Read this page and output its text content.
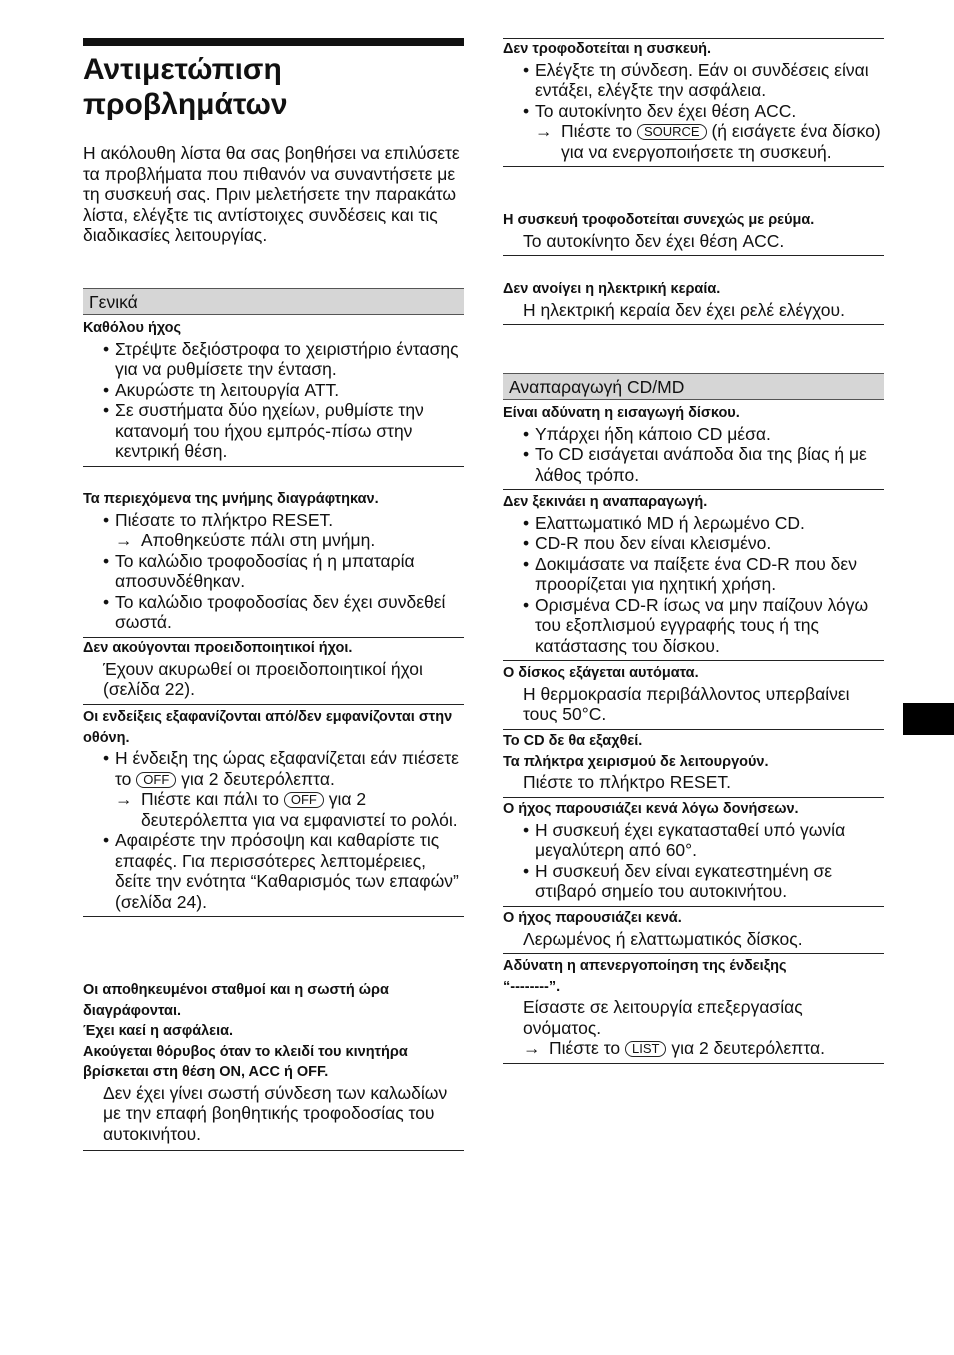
Αντιμετώπιση
προβλημάτων

Η ακόλουθη λίστα θα σας βοηθήσει να επιλύσετε τα προβλήματα που πιθανόν να συναντήσετε με τη συσκευή σας. Πριν μελετήσετε την παρακάτω λίστα, ελέγξτε τις αντίστοιχες συνδέσεις και τις διαδικασίες λειτουργίας.

Γενικά

Καθόλου ήχος

• Στρέψτε δεξιόστροφα το χειριστήριο έντασης για να ρυθμίσετε την ένταση.

• Ακυρώστε τη λειτουργία ATT.

• Σε συστήματα δύο ηχείων, ρυθμίστε την κατανομή του ήχου εμπρός-πίσω στην κεντρική θέση.

Τα περιεχόμενα της μνήμης διαγράφτηκαν.

• Πιέσατε το πλήκτρο RESET.

→ Αποθηκεύστε πάλι στη μνήμη.

• Το καλώδιο τροφοδοσίας ή η μπαταρία αποσυνδέθηκαν.

• Το καλώδιο τροφοδοσίας δεν έχει συνδεθεί σωστά.

Δεν ακούγονται προειδοποιητικοί ήχοι.

Έχουν ακυρωθεί οι προειδοποιητικοί ήχοι (σελίδα 22).

Οι ενδείξεις εξαφανίζονται από/δεν εμφανίζονται στην οθόνη.

• Η ένδειξη της ώρας εξαφανίζεται εάν πιέσετε το OFF για 2 δευτερόλεπτα.

→ Πιέστε και πάλι το OFF για 2 δευτερόλεπτα για να εμφανιστεί το ρολόι.

• Αφαιρέστε την πρόσοψη και καθαρίστε τις επαφές. Για περισσότερες λεπτομέρειες, δείτε την ενότητα “Καθαρισμός των επαφών” (σελίδα 24).

Οι αποθηκευμένοι σταθμοί και η σωστή ώρα διαγράφονται.

Έχει καεί η ασφάλεια.

Ακούγεται θόρυβος όταν το κλειδί του κινητήρα βρίσκεται στη θέση ON, ACC ή OFF.

Δεν έχει γίνει σωστή σύνδεση των καλωδίων με την επαφή βοηθητικής τροφοδοσίας του αυτοκινήτου.

Δεν τροφοδοτείται η συσκευή.

• Ελέγξτε τη σύνδεση. Εάν οι συνδέσεις είναι εντάξει, ελέγξτε την ασφάλεια.

• Το αυτοκίνητο δεν έχει θέση ACC.

→ Πιέστε το SOURCE (ή εισάγετε ένα δίσκο) για να ενεργοποιήσετε τη συσκευή.

Η συσκευή τροφοδοτείται συνεχώς με ρεύμα.

Το αυτοκίνητο δεν έχει θέση ACC.

Δεν ανοίγει η ηλεκτρική κεραία.

Η ηλεκτρική κεραία δεν έχει ρελέ ελέγχου.

Αναπαραγωγή CD/MD

Είναι αδύνατη η εισαγωγή δίσκου.

• Υπάρχει ήδη κάποιο CD μέσα.

• Το CD εισάγεται ανάποδα δια της βίας ή με λάθος τρόπο.

Δεν ξεκινάει η αναπαραγωγή.

• Ελαττωματικό MD ή λερωμένο CD.

• CD-R που δεν είναι κλεισμένο.

• Δοκιμάσατε να παίξετε ένα CD-R που δεν προορίζεται για ηχητική χρήση.

• Ορισμένα CD-R ίσως να μην παίζουν λόγω του εξοπλισμού εγγραφής τους ή της κατάστασης του δίσκου.

Ο δίσκος εξάγεται αυτόματα.

Η θερμοκρασία περιβάλλοντος υπερβαίνει τους 50°C.

Το CD δε θα εξαχθεί.

Τα πλήκτρα χειρισμού δε λειτουργούν.

Πιέστε το πλήκτρο RESET.

Ο ήχος παρουσιάζει κενά λόγω δονήσεων.

• Η συσκευή έχει εγκατασταθεί υπό γωνία μεγαλύτερη από 60°.

• Η συσκευή δεν είναι εγκατεστημένη σε στιβαρό σημείο του αυτοκινήτου.

Ο ήχος παρουσιάζει κενά.

Λερωμένος ή ελαττωματικός δίσκος.

Αδύνατη η απενεργοποίηση της ένδειξης

“--------”.

Είσαστε σε λειτουργία επεξεργασίας ονόματος.

→ Πιέστε το LIST για 2 δευτερόλεπτα.
